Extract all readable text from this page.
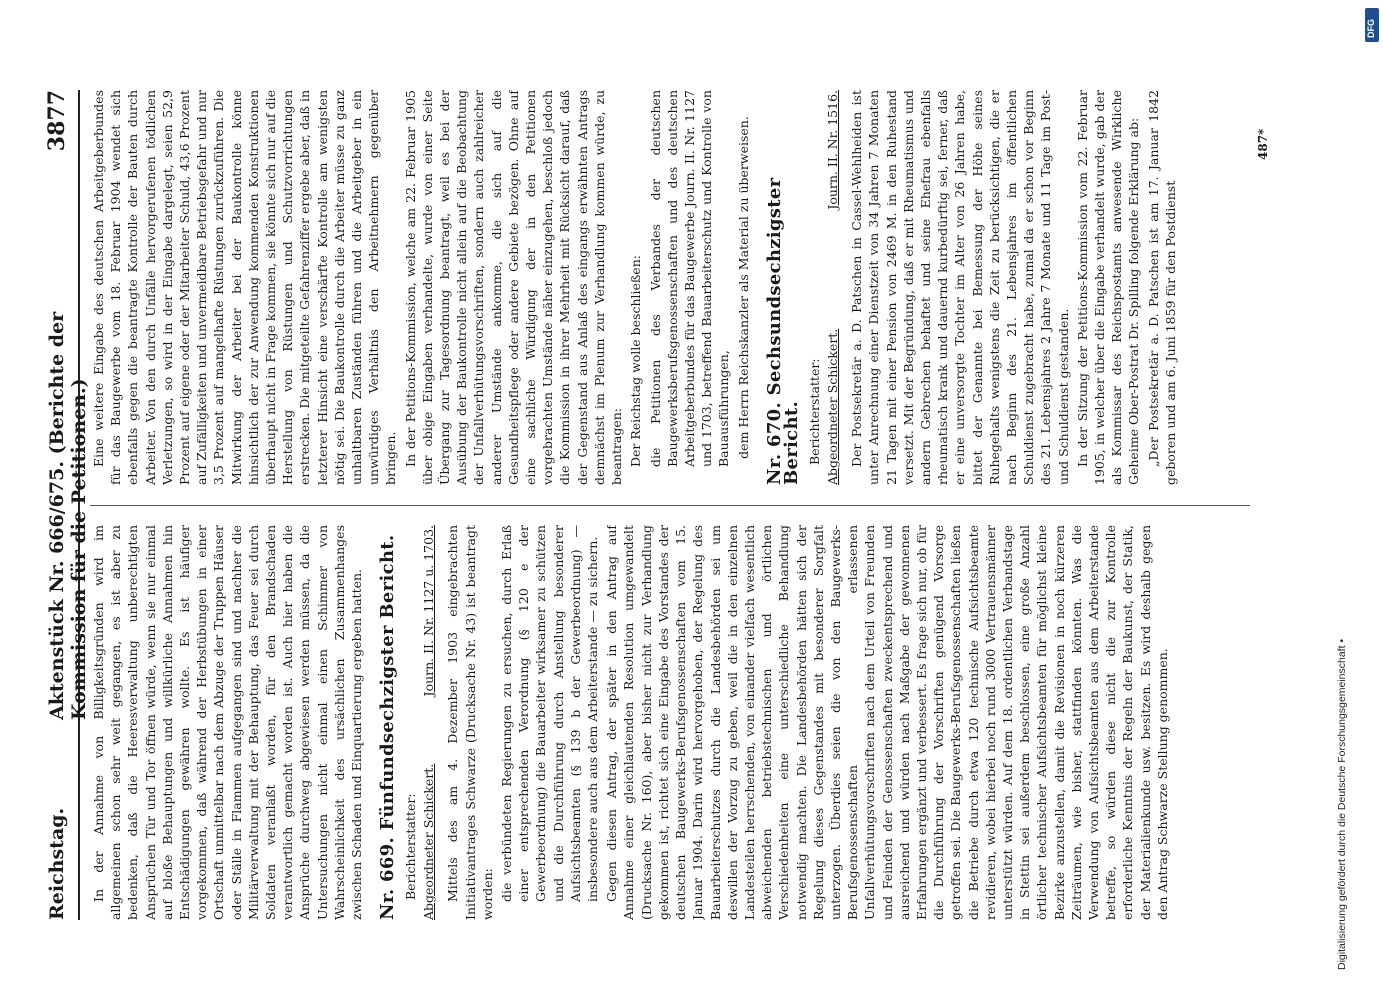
Reichstag.
Aktenstück Nr. 666/675. (Berichte der Kommission für die Petitionen.)
3877

In der Annahme von Billigkeitsgründen wird im allgemeinen schon sehr weit gegangen, es ist aber zu bedenken, daß die Heeresverwaltung unberechtigten Ansprüchen Tür und Tor öffnen würde, wenn sie nur einmal auf bloße Behauptungen und willkürliche Annahmen hin Entschädigungen gewähren wollte. Es ist häufiger vorgekommen, daß während der Herbstübungen in einer Ortschaft unmittelbar nach dem Abzuge der Truppen Häuser oder Ställe in Flammen aufgegangen sind und nachher die Militärverwaltung mit der Behauptung, das Feuer sei durch Soldaten veranlaßt worden, für den Brandschaden verantwortlich gemacht worden ist. Auch hier haben die Ansprüche durchweg abgewiesen werden müssen, da die Untersuchungen nicht einmal einen Schimmer von Wahrscheinlichkeit des ursächlichen Zusammenhanges zwischen Schaden und Einquartierung ergeben hatten. Nr. 669. Fünfundsechzigster Bericht. Berichterstatter: Abgeordneter Schickert.
Journ. II. Nr. 1127 u. 1703. Mittels des am 4. Dezember 1903 eingebrachten Initiativantrages Schwarze (Drucksache Nr. 43) ist beantragt worden: die verbündeten Regierungen zu ersuchen, durch Erlaß einer entsprechenden Verordnung (§ 120 e der Gewerbeordnung) die Bauarbeiter wirksamer zu schützen und die Durchführung durch Anstellung besonderer Aufsichtsbeamten (§ 139 b der Gewerbeordnung) — insbesondere auch aus dem Arbeiterstande — zu sichern. Gegen diesen Antrag, der später in den Antrag auf Annahme einer gleichlautenden Resolution umgewandelt (Drucksache Nr. 160), aber bisher nicht zur Verhandlung gekommen ist, richtet sich eine Eingabe des Vorstandes der deutschen Baugewerks-Berufsgenossenschaften vom 15. Januar 1904. Darin wird hervorgehoben, der Regelung des Bauarbeiterschutzes durch die Landesbehörden sei um deswillen der Vorzug zu geben, weil die in den einzelnen Landesteilen herrschenden, von einander vielfach wesentlich abweichenden betriebstechnischen und örtlichen Verschiedenheiten eine unterschiedliche Behandlung notwendig machten. Die Landesbehörden hätten sich der Regelung dieses Gegenstandes mit besonderer Sorgfalt unterzogen. Überdies seien die von den Baugewerks-Berufsgenossenschaften erlassenen Unfallverhütungsvorschriften nach dem Urteil von Freunden und Feinden der Genossenschaften zweckentsprechend und ausreichend und würden nach Maßgabe der gewonnenen Erfahrungen ergänzt und verbessert. Es frage sich nur, ob für die Durchführung der Vorschriften genügend Vorsorge getroffen sei. Die Baugewerks-Berufsgenossenschaften ließen die Betriebe durch etwa 120 technische Aufsichtsbeamte revidieren, wobei hierbei noch rund 3000 Vertrauensmänner unterstützt würden. Auf dem 18. ordentlichen Verbandstage in Stettin sei außerdem beschlossen, eine große Anzahl örtlicher technischer Aufsichtsbeamten für möglichst kleine Bezirke anzustellen, damit die Revisionen in noch kürzeren Zeiträumen, wie bisher, stattfinden könnten. Was die Verwendung von Aufsichtsbeamten aus dem Arbeiterstande betreffe, so würden diese nicht die zur Kontrolle erforderliche Kenntnis der Regeln der Baukunst, der Statik, der Materialienkunde usw. besitzen. Es wird deshalb gegen den Antrag Schwarze Stellung genommen.

Eine weitere Eingabe des deutschen Arbeitgeberbundes für das Baugewerbe vom 18. Februar 1904 wendet sich ebenfalls gegen die beantragte Kontrolle der Bauten durch Arbeiter. Von den durch Unfälle hervorgerufenen tödlichen Verletzungen, so wird in der Eingabe dargelegt, seien 52,9 Prozent auf eigene oder der Mitarbeiter Schuld, 43,6 Prozent auf Zufälligkeiten und unvermeidbare Betriebsgefahr und nur 3,5 Prozent auf mangelhafte Rüstungen zurückzuführen. Die Mitwirkung der Arbeiter bei der Baukontrolle könne hinsichtlich der zur Anwendung kommenden Konstruktionen überhaupt nicht in Frage kommen, sie könnte sich nur auf die Herstellung von Rüstungen und Schutzvorrichtungen erstrecken. Die mitgeteilte Gefahrenziffer ergebe aber, daß in letzterer Hinsicht eine verschärfte Kontrolle am wenigsten nötig sei. Die Baukontrolle durch die Arbeiter müsse zu ganz unhaltbaren Zuständen führen und die Arbeitgeber in ein unwürdiges Verhältnis den Arbeitnehmern gegenüber bringen. In der Petitions-Kommission, welche am 22. Februar 1905 über obige Eingaben verhandelte, wurde von einer Seite Übergang zur Tagesordnung beantragt, weil es bei der Ausübung der Baukontrolle nicht allein auf die Beobachtung der Unfallverhütungsvorschriften, sondern auch zahlreicher anderer Umstände ankomme, die sich auf die Gesundheitspflege oder andere Gebiete bezögen. Ohne auf eine sachliche Würdigung der in den Petitionen vorgebrachten Umstände näher einzugehen, beschloß jedoch die Kommission in ihrer Mehrheit mit Rücksicht darauf, daß der Gegenstand aus Anlaß des eingangs erwähnten Antrags demnächst im Plenum zur Verhandlung kommen würde, zu beantragen: Der Reichstag wolle beschließen: die Petitionen des Verbandes der deutschen Baugewerksberufsgenossenschaften und des deutschen Arbeitgeberbundes für das Baugewerbe Journ. II. Nr. 1127 und 1703, betreffend Bauarbeiterschutz und Kontrolle von Bauausführungen, dem Herrn Reichskanzler als Material zu überweisen. Nr. 670. Sechsundsechzigster Bericht. Berichterstatter: Abgeordneter Schickert.
Journ. II. Nr. 1516. Der Postsekretär a. D. Patschen in Cassel-Wehlheiden ist unter Anrechnung einer Dienstzeit von 34 Jahren 7 Monaten 21 Tagen mit einer Pension von 2469 M. in den Ruhestand versetzt. Mit der Begründung, daß er mit Rheumatismus und andern Gebrechen behaftet und seine Ehefrau ebenfalls rheumatisch krank und dauernd kurbedürftig sei, ferner, daß er eine unversorgte Tochter im Alter von 26 Jahren habe, bittet der Genannte bei Bemessung der Höhe seines Ruhegehalts wenigstens die Zeit zu berücksichtigen, die er nach Beginn des 21. Lebensjahres im öffentlichen Schuldienst zugebracht habe, zumal da er schon vor Beginn des 21. Lebensjahres 2 Jahre 7 Monate und 11 Tage im Post- und Schuldienst gestanden. In der Sitzung der Petitions-Kommission vom 22. Februar 1905, in welcher über die Eingabe verhandelt wurde, gab der als Kommissar des Reichspostamts anwesende Wirkliche Geheime Ober-Postrat Dr. Spilling folgende Erklärung ab: „Der Postsekretär a. D. Patschen ist am 17. Januar 1842 geboren und am 6. Juni 1859 für den Postdienst

487*
Digitalisierung gefördert durch die Deutsche Forschungsgemeinschaft •
DFG
